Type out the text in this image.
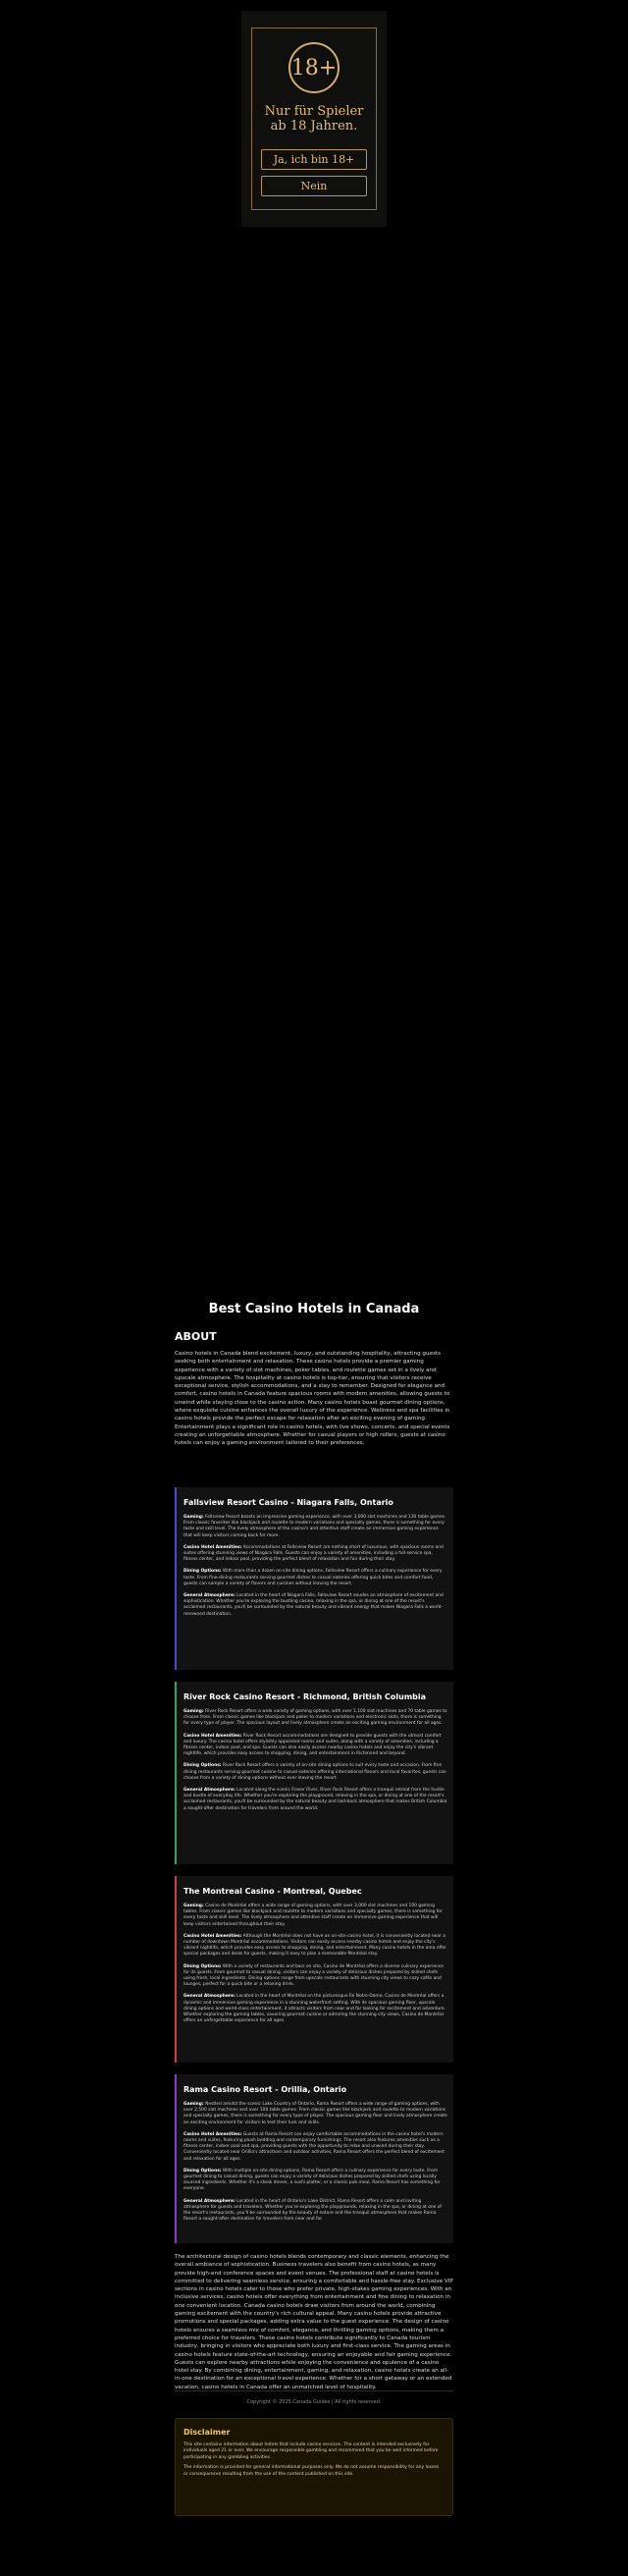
18+
Nur für Spieler
ab 18 Jahren.
Ja, ich bin 18+
Nein
Best Casino Hotels in Canada
ABOUT

Casino hotels in Canada blend excitement, luxury, and outstanding hospitality, attracting guests seeking both entertainment and relaxation. These casino hotels provide a premier gaming experience with a variety of slot machines, poker tables, and roulette games set in a lively and upscale atmosphere. The hospitality at casino hotels is top-tier, ensuring that visitors receive exceptional service, stylish accommodations, and a stay to remember. Designed for elegance and comfort, casino hotels in Canada feature spacious rooms with modern amenities, allowing guests to unwind while staying close to the casino action. Many casino hotels boast gourmet dining options, where exquisite cuisine enhances the overall luxury of the experience. Wellness and spa facilities in casino hotels provide the perfect escape for relaxation after an exciting evening of gaming. Entertainment plays a significant role in casino hotels, with live shows, concerts, and special events creating an unforgettable atmosphere. Whether for casual players or high rollers, guests at casino hotels can enjoy a gaming environment tailored to their preferences.

Fallsview Resort Casino - Niagara Falls, Ontario

Gaming: Fallsview Resort boasts an impressive gaming experience, with over 3,000 slot machines and 130 table games. From classic favorites like blackjack and roulette to modern variations and specialty games, there is something for every taste and skill level. The lively atmosphere of the casino's and attentive staff create an immersive gaming experience that will keep visitors coming back for more.

Casino Hotel Amenities: Accommodations at Fallsview Resort are nothing short of luxurious, with spacious rooms and suites offering stunning views of Niagara Falls. Guests can enjoy a variety of amenities, including a full-service spa, fitness center, and indoor pool, providing the perfect blend of relaxation and fun during their stay.

Dining Options: With more than a dozen on-site dining options, Fallsview Resort offers a culinary experience for every taste. From fine-dining restaurants serving gourmet dishes to casual eateries offering quick bites and comfort food, guests can sample a variety of flavors and cuisines without leaving the resort.

General Atmosphere: Located in the heart of Niagara Falls, Fallsview Resort exudes an atmosphere of excitement and sophistication. Whether you're exploring the bustling casino, relaxing in the spa, or dining at one of the resort's acclaimed restaurants, you'll be surrounded by the natural beauty and vibrant energy that makes Niagara Falls a world-renowned destination.

River Rock Casino Resort - Richmond, British Columbia

Gaming: River Rock Resort offers a wide variety of gaming options, with over 1,100 slot machines and 70 table games to choose from. From classic games like blackjack and poker to modern variations and electronic slots, there is something for every type of player. The spacious layout and lively atmosphere create an exciting gaming environment for all ages.

Casino Hotel Amenities: River Rock Resort accommodations are designed to provide guests with the utmost comfort and luxury. The casino hotel offers stylishly appointed rooms and suites, along with a variety of amenities, including a fitness center, indoor pool, and spa. Guests can also easily access nearby casino hotels and enjoy the city's vibrant nightlife, which provides easy access to shopping, dining, and entertainment in Richmond and beyond.

Dining Options: River Rock Resort offers a variety of on-site dining options to suit every taste and occasion. From fine dining restaurants serving gourmet cuisine to casual eateries offering international flavors and local favorites, guests can choose from a variety of dining options without ever leaving the resort.

General Atmosphere: Located along the scenic Fraser River, River Rock Resort offers a tranquil retreat from the hustle and bustle of everyday life. Whether you're exploring the playground, relaxing in the spa, or dining at one of the resort's acclaimed restaurants, you'll be surrounded by the natural beauty and laid-back atmosphere that makes British Columbia a sought-after destination for travelers from around the world.

The Montreal Casino - Montreal, Quebec

Gaming: Casino de Montréal offers a wide range of gaming options, with over 3,000 slot machines and 100 gaming tables. From classic games like blackjack and roulette to modern variations and specialty games, there is something for every taste and skill level. The lively atmosphere and attentive staff create an immersive gaming experience that will keep visitors entertained throughout their stay.

Casino Hotel Amenities: Although the Montréal does not have an on-site casino hotel, it is conveniently located near a number of downtown Montréal accommodations. Visitors can easily access nearby casino hotels and enjoy the city's vibrant nightlife, which provides easy access to shopping, dining, and entertainment. Many casino hotels in the area offer special packages and deals for guests, making it easy to plan a memorable Montréal stay.

Dining Options: With a variety of restaurants and bars on site, Casino de Montréal offers a diverse culinary experience for its guests. From gourmet to casual dining, visitors can enjoy a variety of delicious dishes prepared by skilled chefs using fresh, local ingredients. Dining options range from upscale restaurants with stunning city views to cozy cafés and lounges, perfect for a quick bite or a relaxing drink.

General Atmosphere: Located in the heart of Montréal on the picturesque Île Notre-Dame, Casino de Montréal offers a dynamic and immersive gaming experience in a stunning waterfront setting. With its spacious gaming floor, upscale dining options and world-class entertainment, it attracts visitors from near and far looking for excitement and adventure. Whether exploring the gaming tables, savoring gourmet cuisine or admiring the stunning city views, Casino de Montréal offers an unforgettable experience for all ages.

Rama Casino Resort - Orillia, Ontario

Gaming: Nestled amidst the scenic Lake Country of Ontario, Rama Resort offers a wide range of gaming options, with over 2,500 slot machines and over 100 table games. From classic games like blackjack and roulette to modern variations and specialty games, there is something for every type of player. The spacious gaming floor and lively atmosphere create an exciting environment for visitors to test their luck and skills.

Casino Hotel Amenities: Guests at Rama Resort can enjoy comfortable accommodations in the casino hotel's modern rooms and suites, featuring plush bedding and contemporary furnishings. The resort also features amenities such as a fitness center, indoor pool and spa, providing guests with the opportunity to relax and unwind during their stay. Conveniently located near Orillia's attractions and outdoor activities, Rama Resort offers the perfect blend of excitement and relaxation for all ages.

Dining Options: With multiple on-site dining options, Rama Resort offers a culinary experience for every taste. From gourmet dining to casual dining, guests can enjoy a variety of delicious dishes prepared by skilled chefs using locally sourced ingredients. Whether it's a steak dinner, a sushi platter, or a classic pub meal, Rama Resort has something for everyone.

General Atmosphere: Located in the heart of Ontario's Lake District, Rama Resort offers a calm and inviting atmosphere for guests and travelers. Whether you're exploring the playgrounds, relaxing in the spa, or dining at one of the resort's restaurants, you'll be surrounded by the beauty of nature and the tranquil atmosphere that makes Rama Resort a sought-after destination for travelers from near and far.

The architectural design of casino hotels blends contemporary and classic elements, enhancing the overall ambiance of sophistication. Business travelers also benefit from casino hotels, as many provide high-end conference spaces and event venues. The professional staff at casino hotels is committed to delivering seamless service, ensuring a comfortable and hassle-free stay. Exclusive VIP sections in casino hotels cater to those who prefer private, high-stakes gaming experiences. With an inclusive services, casino hotels offer everything from entertainment and fine dining to relaxation in one convenient location. Canada casino hotels draw visitors from around the world, combining gaming excitement with the country's rich cultural appeal. Many casino hotels provide attractive promotions and special packages, adding extra value to the guest experience. The design of casino hotels ensures a seamless mix of comfort, elegance, and thrilling gaming options, making them a preferred choice for travelers. These casino hotels contribute significantly to Canada tourism industry, bringing in visitors who appreciate both luxury and first-class service. The gaming areas in casino hotels feature state-of-the-art technology, ensuring an enjoyable and fair gaming experience. Guests can explore nearby attractions while enjoying the convenience and opulence of a casino hotel stay. By combining dining, entertainment, gaming, and relaxation, casino hotels create an all-in-one destination for an exceptional travel experience. Whether for a short getaway or an extended vacation, casino hotels in Canada offer an unmatched level of hospitality.

Copyright © 2025 Canada Guides | All rights reserved.

Disclaimer

This site contains information about hotels that include casino services. The content is intended exclusively for individuals aged 21 or over. We encourage responsible gambling and recommend that you be well informed before participating in any gambling activities.

The information is provided for general informational purposes only. We do not assume responsibility for any losses or consequences resulting from the use of the content published on this site.
